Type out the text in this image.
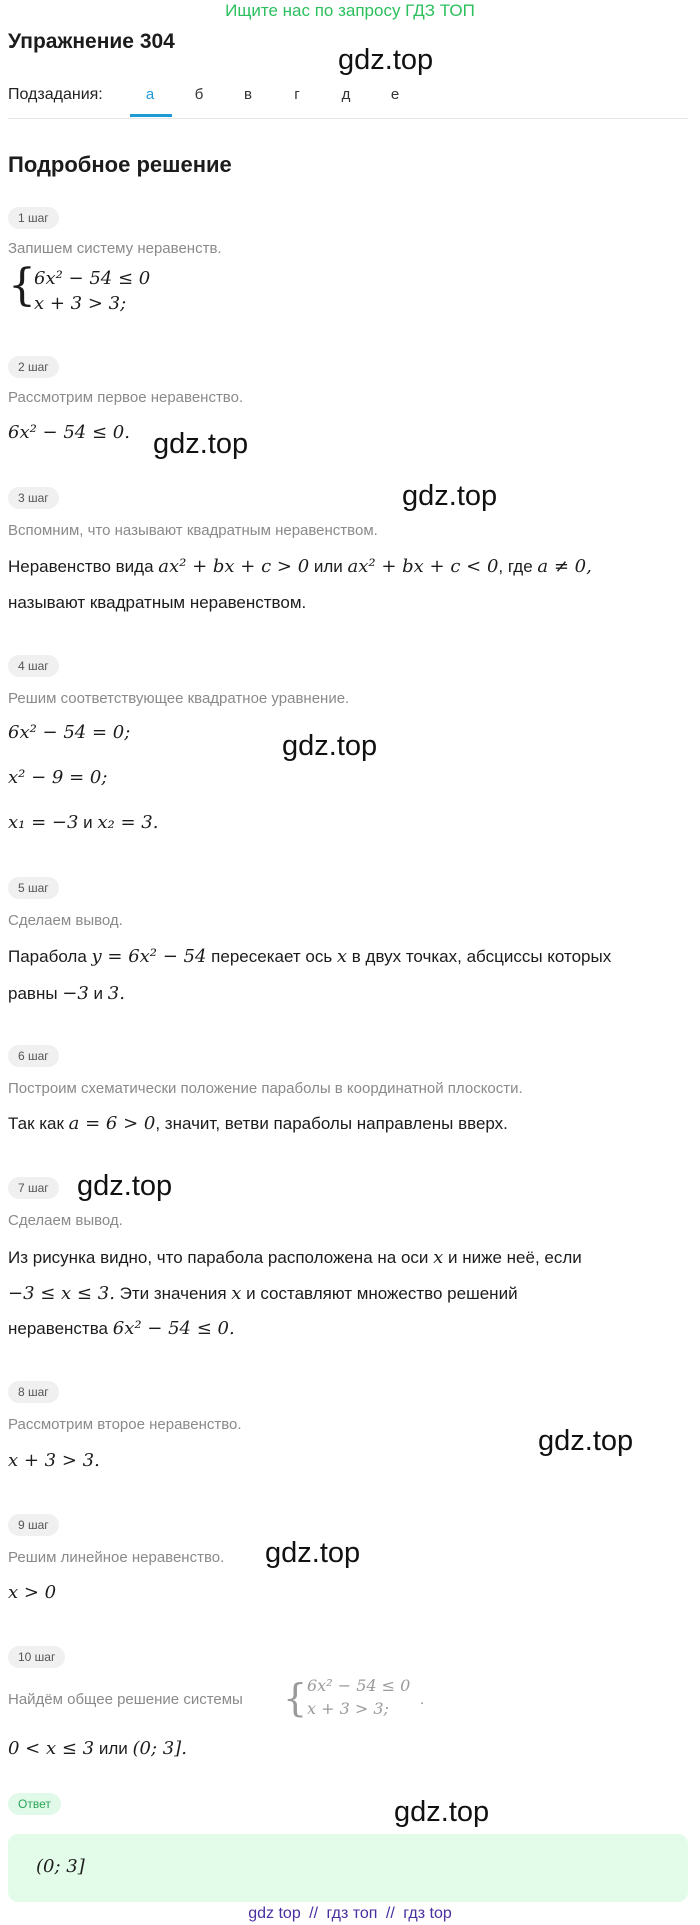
Ищите нас по запросу ГДЗ ТОП
Упражнение 304
gdz.top
Подзадания:	а	б	в	г	д	е
Подробное решение
1 шаг
Запишем систему неравенств.
{
6x² − 54 ≤ 0
x + 3 > 3;
2 шаг
Рассмотрим первое неравенство.
6x² − 54 ≤ 0. gdz.top
gdz.top
3 шаг
Вспомним, что называют квадратным неравенством.
Неравенство вида ax² + bx + c > 0 или ax² + bx + c < 0, где a ≠ 0,
называют квадратным неравенством.
4 шаг
Решим соответствующее квадратное уравнение.
6x² − 54 = 0;	gdz.top
x² − 9 = 0;
x₁ = −3 и x₂ = 3.
5 шаг
Сделаем вывод.
Парабола y = 6x² − 54 пересекает ось x в двух точках, абсциссы которых
равны −3 и 3.
6 шаг
Построим схематически положение параболы в координатной плоскости.
Так как a = 6 > 0, значит, ветви параболы направлены вверх.
7 шаг gdz.top
Сделаем вывод.
Из рисунка видно, что парабола расположена на оси x и ниже неё, если
−3 ≤ x ≤ 3. Эти значения x и составляют множество решений
неравенства 6x² − 54 ≤ 0.
8 шаг
Рассмотрим второе неравенство.
gdz.top
x + 3 > 3.
9 шаг
Решим линейное неравенство. gdz.top
x > 0
10 шаг
Найдём общее решение системы { 6x² − 54 ≤ 0
x + 3 > 3; .
0 < x ≤ 3 или (0; 3].
Ответ	gdz.top
(0; 3]
gdz top // гдз топ // гдз top
